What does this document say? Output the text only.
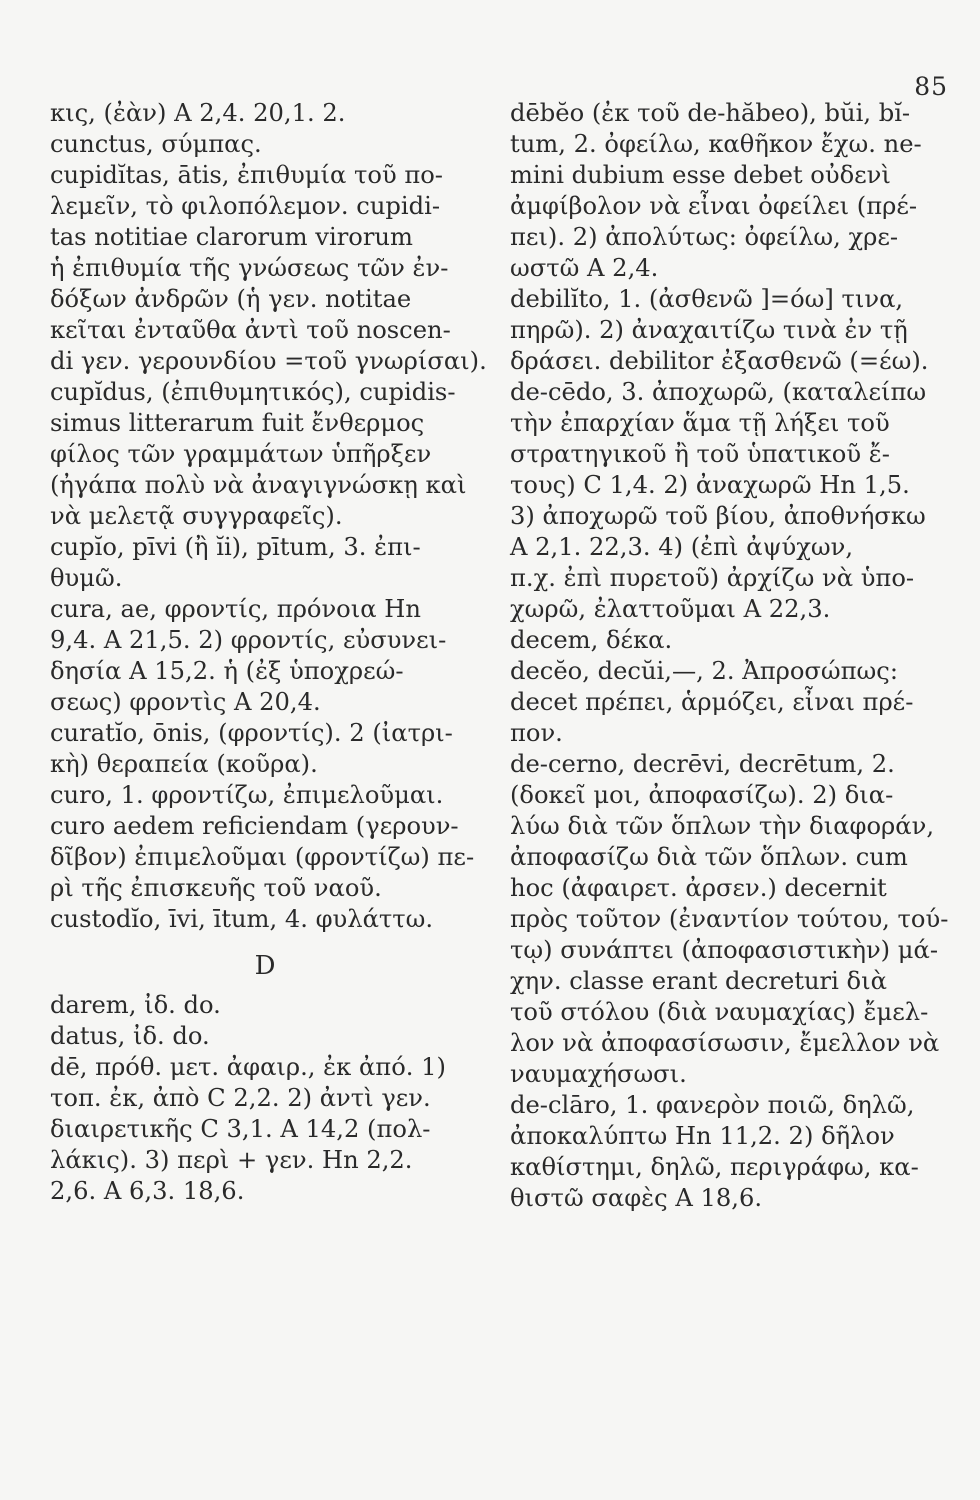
85
κις, (ἐὰν) A 2,4. 20,1. 2.
cunctus, σύμπας.
cupidĭtas, ātis, ἐπιθυμία τοῦ πο-
λεμεῖν, τὸ φιλοπόλεμον. cupidi-
tas notitiae clarorum virorum
ἡ ἐπιθυμία τῆς γνώσεως τῶν ἐν-
δόξων ἀνδρῶν (ἡ γεν. notitae
κεῖται ἐνταῦθα ἀντὶ τοῦ noscen-
di γεν. γερουνδίου =τοῦ γνωρίσαι).
cupĭdus, (ἐπιθυμητικός), cupidis-
simus litterarum fuit ἔνθερμος
φίλος τῶν γραμμάτων ὑπῆρξεν
(ἠγάπα πολὺ νὰ ἀναγιγνώσκῃ καὶ
νὰ μελετᾷ συγγραφεῖς).
cupĭo, pīvi (ἢ ĭi), pītum, 3. ἐπι-
θυμῶ.
cura, ae, φροντίς, πρόνοια Hn
9,4. A 21,5. 2) φροντίς, εὐσυνει-
δησία A 15,2. ἡ (ἐξ ὑποχρεώ-
σεως) φροντὶς A 20,4.
curatĭo, ōnis, (φροντίς). 2 (ἰατρι-
κὴ) θεραπεία (κοῦρα).
curo, 1. φροντίζω, ἐπιμελοῦμαι.
curo aedem reficiendam (γερουν-
δῖβον) ἐπιμελοῦμαι (φροντίζω) πε-
ρὶ τῆς ἐπισκευῆς τοῦ ναοῦ.
custodĭo, īvi, ītum, 4. φυλάττω.
D
darem, ἰδ. do.
datus, ἰδ. do.
dē, πρόθ. μετ. ἀφαιρ., ἐκ ἀπό. 1)
τοπ. ἐκ, ἀπὸ C 2,2. 2) ἀντὶ γεν.
διαιρετικῆς C 3,1. A 14,2 (πολ-
λάκις). 3) περὶ + γεν. Hn 2,2.
2,6. A 6,3. 18,6.
dēbĕo (ἐκ τοῦ de-hăbeo), bŭi, bĭ-
tum, 2. ὀφείλω, καθῆκον ἔχω. ne-
mini dubium esse debet οὐδενὶ
ἀμφίβολον νὰ εἶναι ὀφείλει (πρέ-
πει). 2) ἀπολύτως: ὀφείλω, χρε-
ωστῶ A 2,4.
debilĭto, 1. (ἀσθενῶ ]=όω] τινα,
πηρῶ). 2) ἀναχαιτίζω τινὰ ἐν τῇ
δράσει. debilitor ἐξασθενῶ (=έω).
de-cēdo, 3. ἀποχωρῶ, (καταλείπω
τὴν ἐπαρχίαν ἅμα τῇ λήξει τοῦ
στρατηγικοῦ ἢ τοῦ ὑπατικοῦ ἔ-
τους) C 1,4. 2) ἀναχωρῶ Hn 1,5.
3) ἀποχωρῶ τοῦ βίου, ἀποθνήσκω
A 2,1. 22,3. 4) (ἐπὶ ἀψύχων,
π.χ. ἐπὶ πυρετοῦ) ἀρχίζω νὰ ὑπο-
χωρῶ, ἐλαττοῦμαι A 22,3.
decem, δέκα.
decĕo, decŭi,—, 2. Ἀπροσώπως:
decet πρέπει, ἁρμόζει, εἶναι πρέ-
πον.
de-cerno, decrēvi, decrētum, 2.
(δοκεῖ μοι, ἀποφασίζω). 2) δια-
λύω διὰ τῶν ὅπλων τὴν διαφοράν,
ἀποφασίζω διὰ τῶν ὅπλων. cum
hoc (ἀφαιρετ. ἀρσεν.) decernit
πρὸς τοῦτον (ἐναντίον τούτου, τού-
τῳ) συνάπτει (ἀποφασιστικὴν) μά-
χην. classe erant decreturi διὰ
τοῦ στόλου (διὰ ναυμαχίας) ἔμελ-
λον νὰ ἀποφασίσωσιν, ἔμελλον νὰ
ναυμαχήσωσι.
de-clāro, 1. φανερὸν ποιῶ, δηλῶ,
ἀποκαλύπτω Hn 11,2. 2) δῆλον
καθίστημι, δηλῶ, περιγράφω, κα-
θιστῶ σαφὲς A 18,6.
